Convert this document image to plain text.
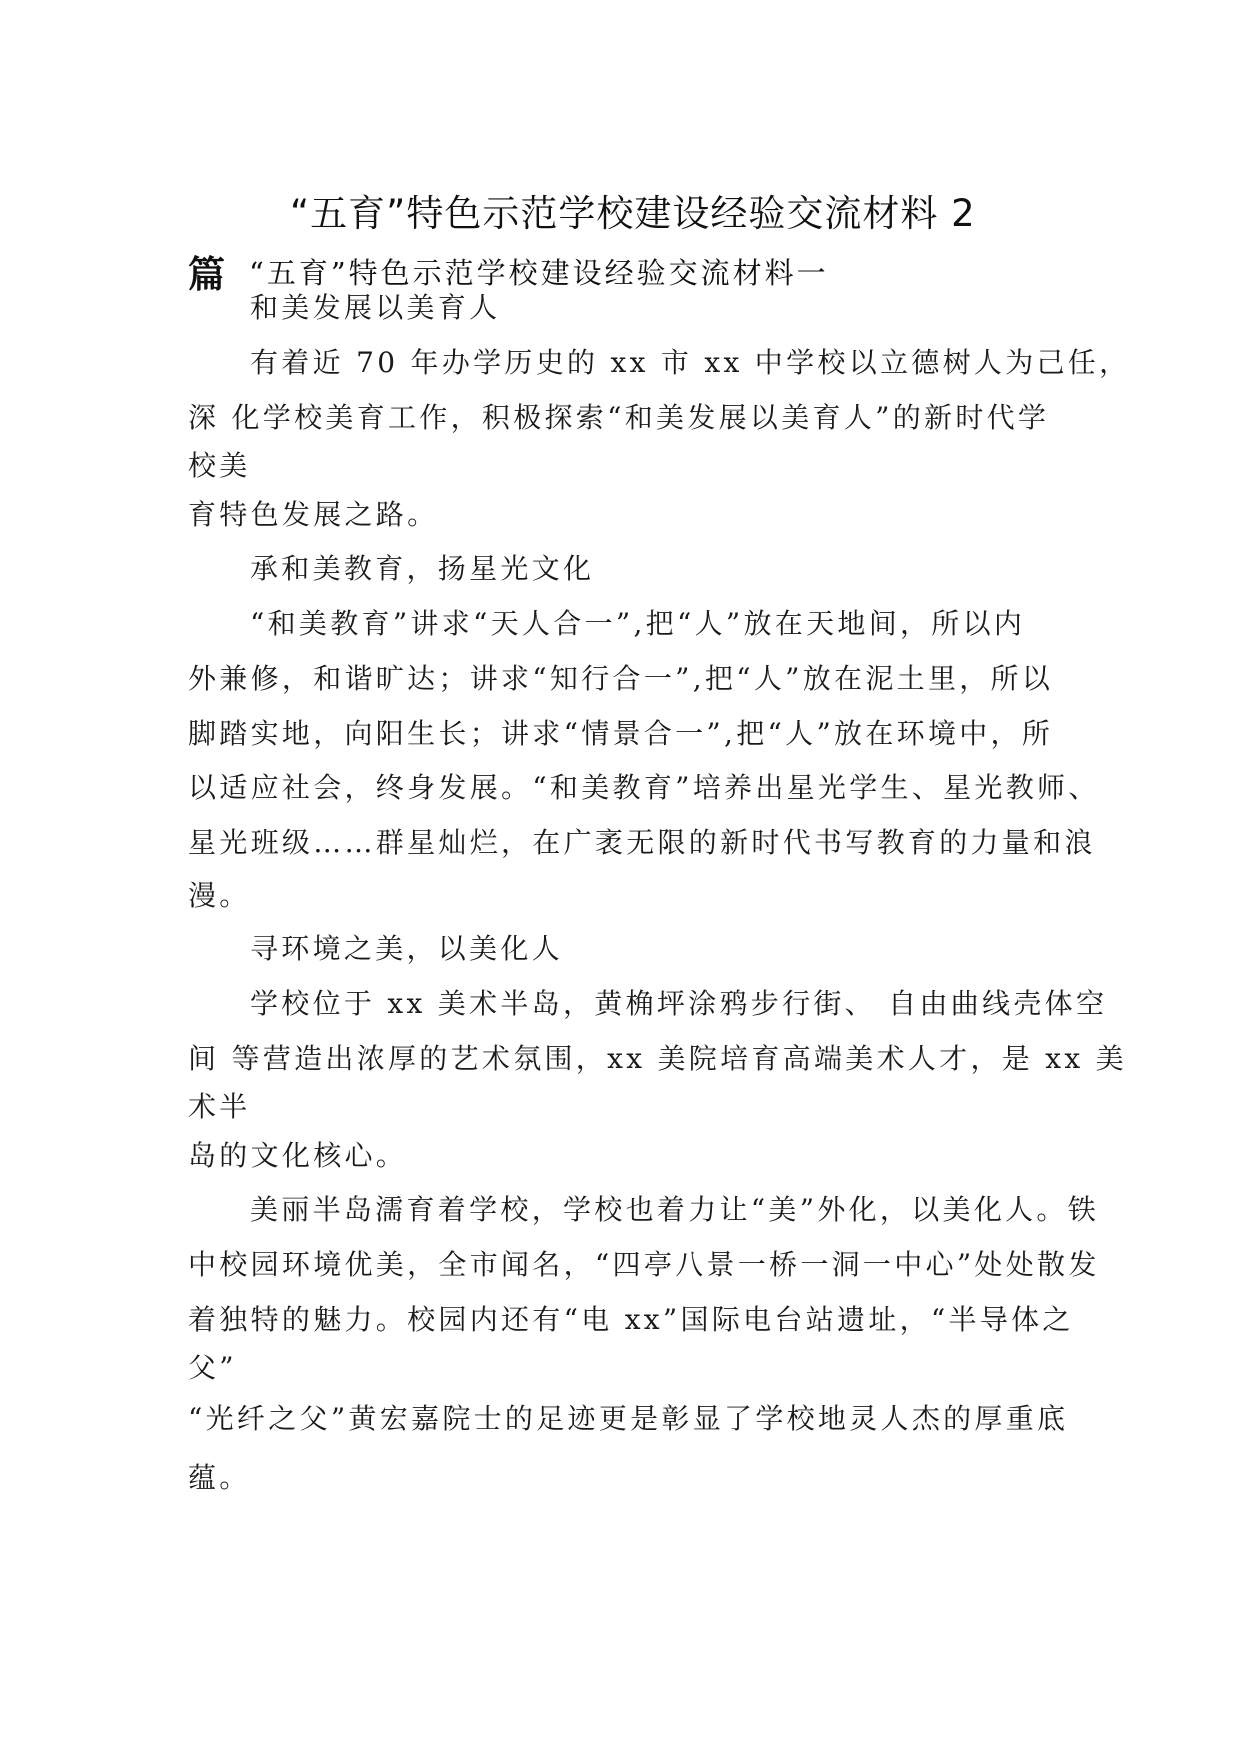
“五育”特色示范学校建设经验交流材料 2
篇 “五育”特色示范学校建设经验交流材料一
和美发展以美育人
有着近 70 年办学历史的 xx 市 xx 中学校以立德树人为己任，
深 化学校美育工作，积极探索“和美发展以美育人”的新时代学
校美
育特色发展之路。
承和美教育，扬星光文化
“和美教育”讲求“天人合一”,把“人”放在天地间，所以内
外兼修，和谐旷达；讲求“知行合一”,把“人”放在泥土里，所以
脚踏实地，向阳生长；讲求“情景合一”,把“人”放在环境中，所
以适应社会，终身发展。“和美教育”培养出星光学生、星光教师、
星光班级……群星灿烂，在广袤无限的新时代书写教育的力量和浪
漫。
寻环境之美，以美化人
学校位于 xx 美术半岛，黄桷坪涂鸦步行街、 自由曲线壳体空
间 等营造出浓厚的艺术氛围，xx 美院培育高端美术人才，是 xx 美
术半
岛的文化核心。
美丽半岛濡育着学校，学校也着力让“美”外化，以美化人。铁
中校园环境优美，全市闻名，“四亭八景一桥一洞一中心”处处散发
着独特的魅力。校园内还有“电 xx”国际电台站遗址，“半导体之
父”
“光纤之父”黄宏嘉院士的足迹更是彰显了学校地灵人杰的厚重底
蕴。
